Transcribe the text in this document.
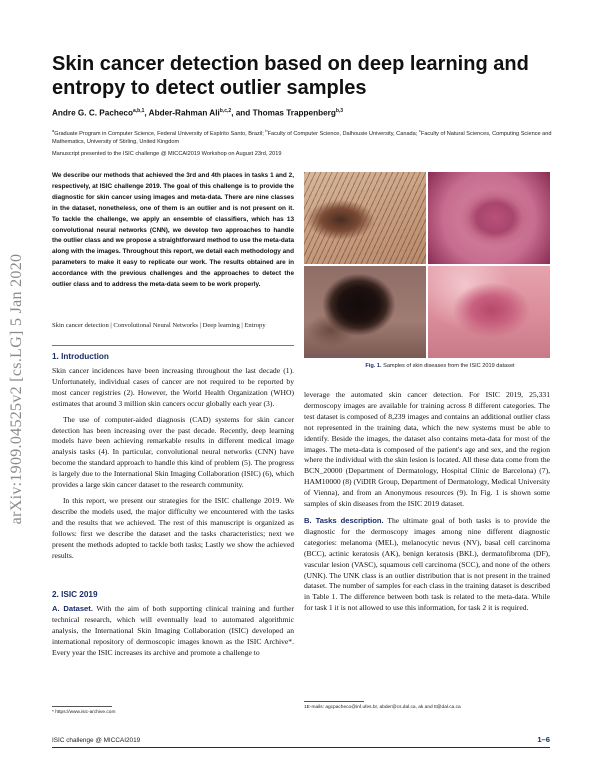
arXiv:1909.04525v2 [cs.LG] 5 Jan 2020
Skin cancer detection based on deep learning and entropy to detect outlier samples
Andre G. C. Pacheco$^{a,b,1}$, Abder-Rahman Ali$^{b,c,2}$, and Thomas Trappenberg$^{b,3}$
$^a$Graduate Program in Computer Science, Federal University of Espírito Santo, Brazil; $^b$Faculty of Computer Science, Dalhousie University, Canada; $^c$Faculty of Natural Sciences, Computing Science and Mathematics, University of Stirling, United Kingdom
Manuscript presented to the ISIC challenge @ MICCAI2019 Workshop on August 23rd, 2019
We describe our methods that achieved the 3rd and 4th places in tasks 1 and 2, respectively, at ISIC challenge 2019. The goal of this challenge is to provide the diagnostic for skin cancer using images and meta-data. There are nine classes in the dataset, nonetheless, one of them is an outlier and is not present on it. To tackle the challenge, we apply an ensemble of classifiers, which has 13 convolutional neural networks (CNN), we develop two approaches to handle the outlier class and we propose a straightforward method to use the meta-data along with the images. Throughout this report, we detail each methodology and parameters to make it easy to replicate our work. The results obtained are in accordance with the previous challenges and the approaches to detect the outlier class and to address the meta-data seem to be work properly.
Skin cancer detection | Convolutional Neural Networks | Deep learning | Entropy
1. Introduction

Skin cancer incidences have been increasing throughout the last decade (1). Unfortunately, individual cases of cancer are not required to be reported by most cancer registries (2). However, the World Health Organization (WHO) estimates that around 3 million skin cancers occur globally each year (3).

The use of computer-aided diagnosis (CAD) systems for skin cancer detection has been increasing over the past decade. Recently, deep learning models have been achieving remarkable results in different medical image analysis tasks (4). In particular, convolutional neural networks (CNN) have become the standard approach to handle this kind of problem (5). The progress is largely due to the International Skin Imaging Collaboration (ISIC) (6), which provides a large skin cancer dataset to the research community.

In this report, we present our strategies for the ISIC challenge 2019. We describe the models used, the major difficulty we encountered with the tasks and the results that we achieved. The rest of this manuscript is organized as follows: first we describe the dataset and the tasks characteristics; next we present the methods adopted to tackle both tasks; Lastly we show the achieved results.

2. ISIC 2019

A. Dataset. With the aim of both supporting clinical training and further technical research, which will eventually lead to automated algorithmic analysis, the International Skin Imaging Collaboration (ISIC) developed an international repository of dermoscopic images known as the ISIC Archive*. Every year the ISIC increases its archive and promote a challenge to

Fig. 1. Samples of skin diseases from the ISIC 2019 dataset

leverage the automated skin cancer detection. For ISIC 2019, 25,331 dermoscopy images are available for training across 8 different categories. The test dataset is composed of 8,239 images and contains an additional outlier class not represented in the training data, which the new systems must be able to identify. Beside the images, the dataset also contains meta-data for most of the images. The meta-data is composed of the patient's age and sex, and the region where the individual with the skin lesion is located. All these data come from the BCN_20000 (Department of Dermatology, Hospital Clínic de Barcelona) (7), HAM10000 (8) (ViDIR Group, Department of Dermatology, Medical University of Vienna), and from an Anonymous resources (9). In Fig. 1 is shown some samples of skin diseases from the ISIC 2019 dataset.

B. Tasks description. The ultimate goal of both tasks is to provide the diagnostic for the dermoscopy images among nine different diagnostic categories: melanoma (MEL), melanocytic nevus (NV), basal cell carcinoma (BCC), actinic keratosis (AK), benign keratosis (BKL), dermatofibroma (DF), vascular lesion (VASC), squamous cell carcinoma (SCC), and none of the others (UNK). The UNK class is an outlier distribution that is not present in the trained dataset. The number of samples for each class in the training dataset is described in Table 1. The difference between both task is related to the meta-data. While for task 1 it is not allowed to use this information, for task 2 it is required.

* https://www.isic-archive.com
1E-mails: agcpacheco@inf.ufes.br, abder@cs.dal.ca, ak and tt@dal.ca.ca
ISIC challenge @ MICCAI2019	1–6
